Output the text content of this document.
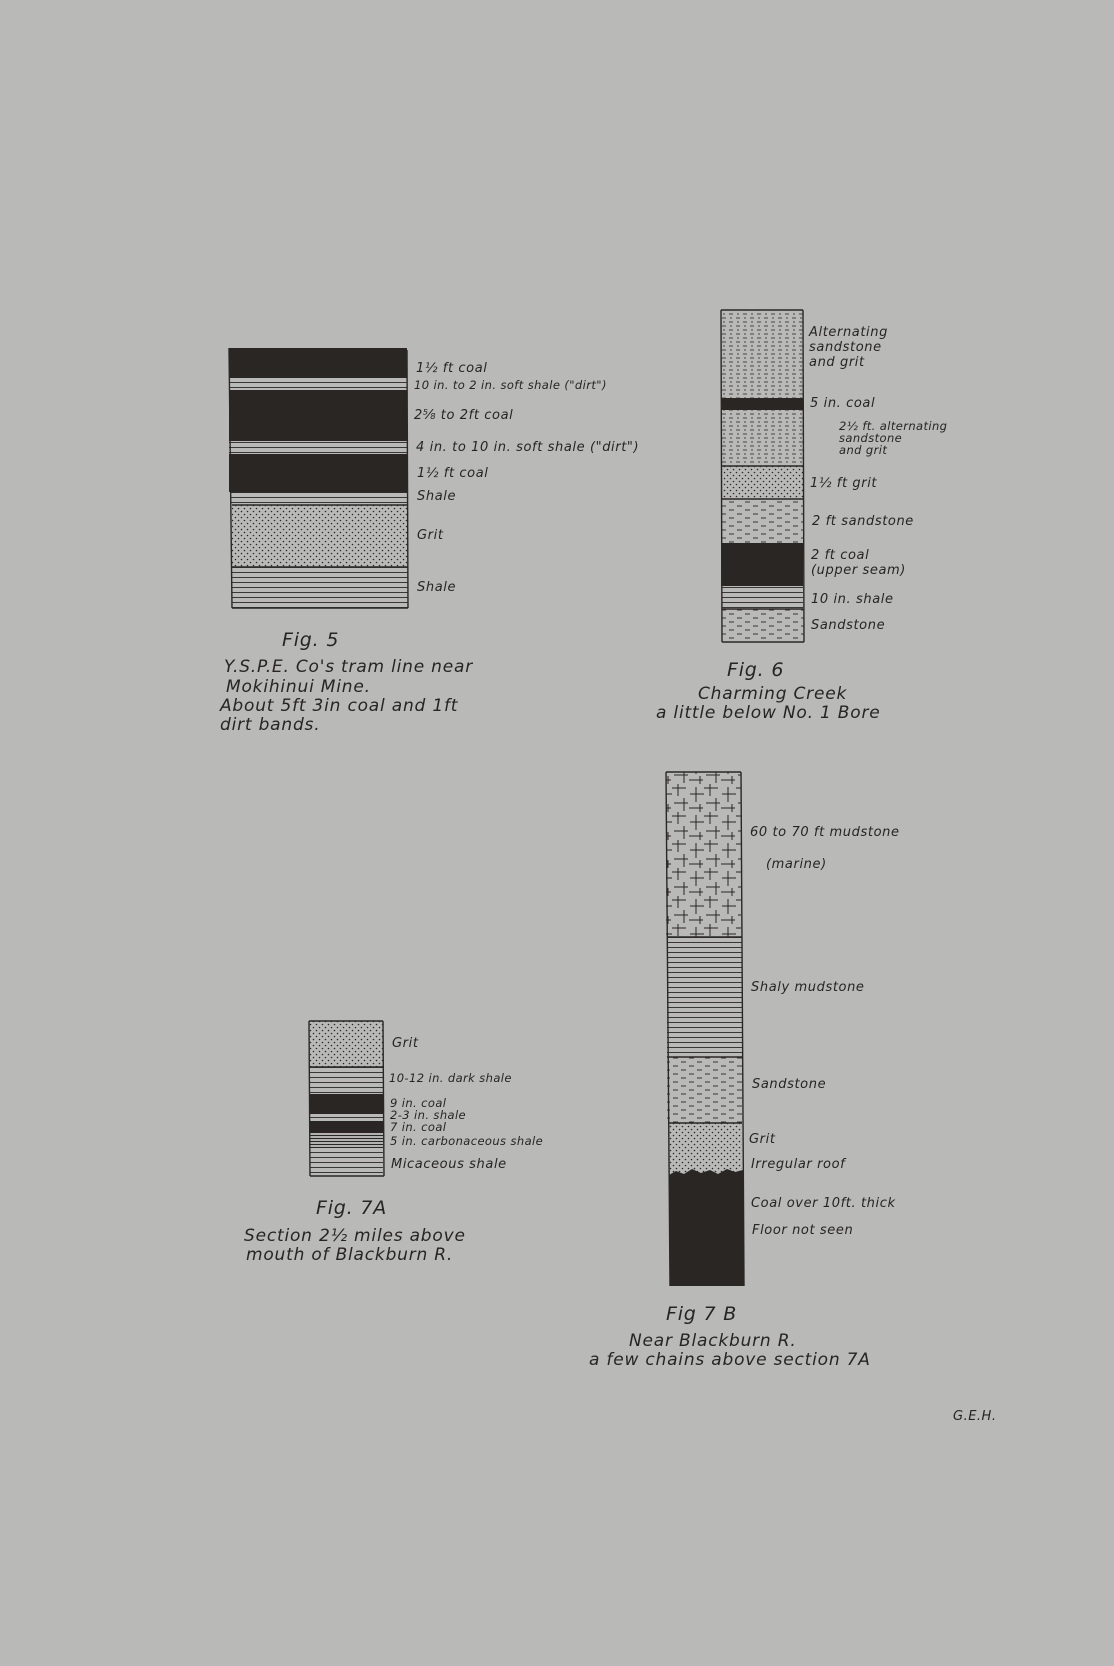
1½ ft coal
10 in. to 2 in. soft shale ("dirt")
2⅝ to 2ft coal
4 in. to 10 in. soft shale ("dirt")
1½ ft coal
Shale
Grit
Shale
Fig. 5
Y.S.P.E. Co's tram line near
Mokihinui Mine.
About 5ft 3in coal and 1ft
dirt bands.
Alternating
sandstone
and grit
5 in. coal
2½ ft. alternating
sandstone
and grit
1½ ft grit
2 ft sandstone
2 ft coal
(upper seam)
10 in. shale
Sandstone
Fig. 6
Charming Creek
a little below No. 1 Bore
Grit
10-12 in. dark shale
9 in. coal
2-3 in. shale
7 in. coal
5 in. carbonaceous shale
Micaceous shale
Fig. 7A
Section 2½ miles above
mouth of Blackburn R.
60 to 70 ft mudstone
(marine)
Shaly mudstone
Sandstone
Grit
Irregular roof
Coal over 10ft. thick
Floor not seen
Fig 7 B
Near Blackburn R.
a few chains above section 7A
G.E.H.
